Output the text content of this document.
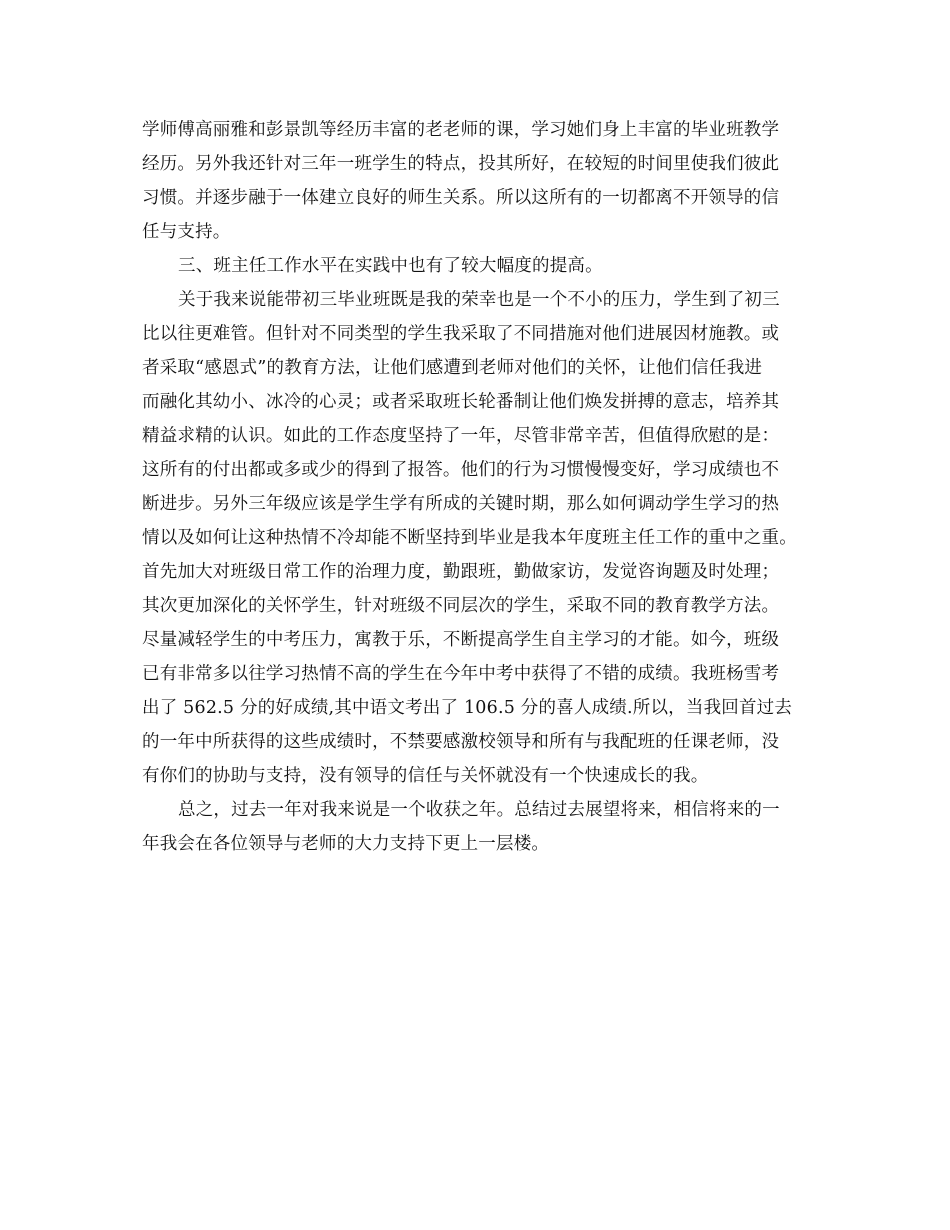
学师傅高丽雅和彭景凯等经历丰富的老老师的课，学习她们身上丰富的毕业班教学
经历。另外我还针对三年一班学生的特点，投其所好，在较短的时间里使我们彼此
习惯。并逐步融于一体建立良好的师生关系。所以这所有的一切都离不开领导的信
任与支持。
三、班主任工作水平在实践中也有了较大幅度的提高。
关于我来说能带初三毕业班既是我的荣幸也是一个不小的压力，学生到了初三
比以往更难管。但针对不同类型的学生我采取了不同措施对他们进展因材施教。或
者采取“感恩式”的教育方法，让他们感遭到老师对他们的关怀，让他们信任我进
而融化其幼小、冰冷的心灵；或者采取班长轮番制让他们焕发拼搏的意志，培养其
精益求精的认识。如此的工作态度坚持了一年，尽管非常辛苦，但值得欣慰的是：
这所有的付出都或多或少的得到了报答。他们的行为习惯慢慢变好，学习成绩也不
断进步。另外三年级应该是学生学有所成的关键时期，那么如何调动学生学习的热
情以及如何让这种热情不冷却能不断坚持到毕业是我本年度班主任工作的重中之重。
首先加大对班级日常工作的治理力度，勤跟班，勤做家访，发觉咨询题及时处理；
其次更加深化的关怀学生，针对班级不同层次的学生，采取不同的教育教学方法。
尽量减轻学生的中考压力，寓教于乐，不断提高学生自主学习的才能。如今，班级
已有非常多以往学习热情不高的学生在今年中考中获得了不错的成绩。我班杨雪考
出了 562.5 分的好成绩,其中语文考出了 106.5 分的喜人成绩.所以，当我回首过去
的一年中所获得的这些成绩时，不禁要感激校领导和所有与我配班的任课老师，没
有你们的协助与支持，没有领导的信任与关怀就没有一个快速成长的我。
总之，过去一年对我来说是一个收获之年。总结过去展望将来，相信将来的一
年我会在各位领导与老师的大力支持下更上一层楼。
